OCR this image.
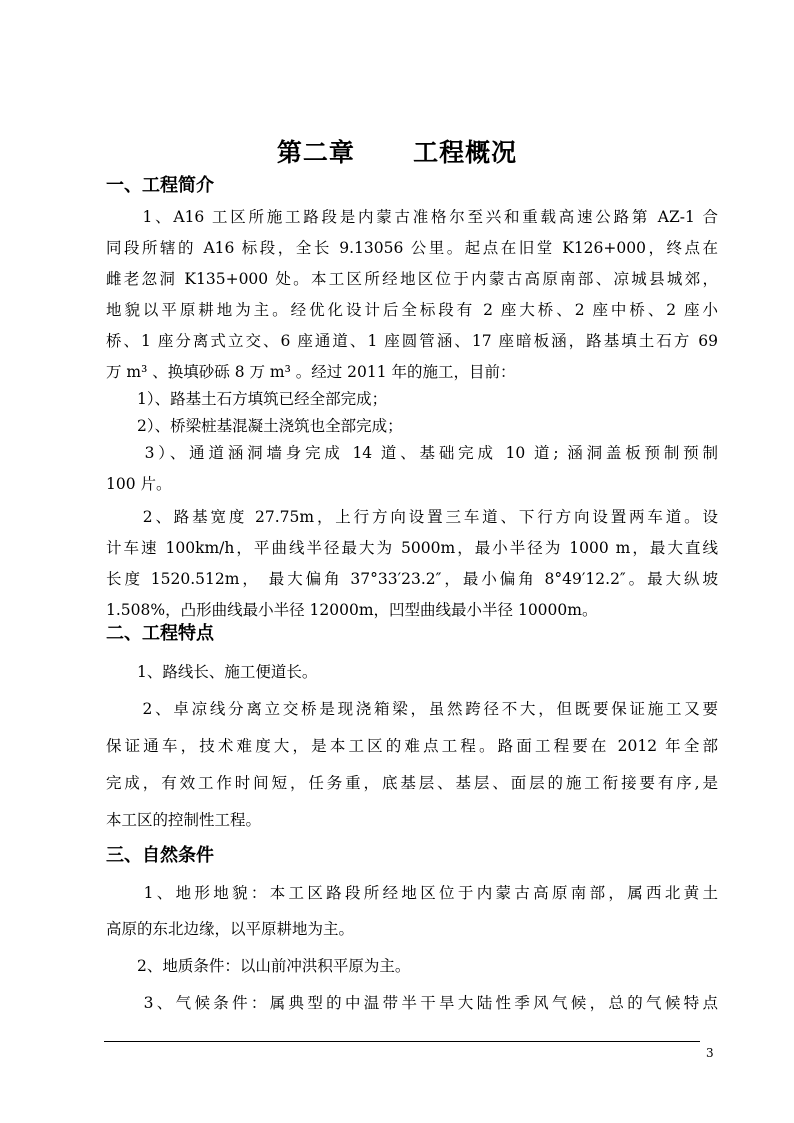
第二章      工程概况
一、工程简介
　　1、A16 工区所施工路段是内蒙古准格尔至兴和重载高速公路第 AZ-1 合
同段所辖的 A16 标段，全长 9.13056 公里。起点在旧堂 K126+000，终点在
雌老忽洞 K135+000 处。本工区所经地区位于内蒙古高原南部、凉城县城郊，
地貌以平原耕地为主。经优化设计后全标段有 2 座大桥、2 座中桥、2 座小
桥、1 座分离式立交、6 座通道、1 座圆管涵、17 座暗板涵，路基填土石方 69
万 m³ 、换填砂砾 8 万 m³ 。经过 2011 年的施工，目前：
　　1）、路基土石方填筑已经全部完成；
　　2）、桥梁桩基混凝土浇筑也全部完成；
　　3）、通道涵洞墙身完成 14 道、基础完成 10 道; 涵洞盖板预制预制
100 片。
　　2、路基宽度 27.75m，上行方向设置三车道、下行方向设置两车道。设
计车速 100km/h，平曲线半径最大为 5000m，最小半径为 1000 m，最大直线
长度 1520.512m， 最大偏角 37°33′23.2″，最小偏角 8°49′12.2″。最大纵坡
1.508%，凸形曲线最小半径 12000m，凹型曲线最小半径 10000m。
二、工程特点
　　1、路线长、施工便道长。
　　2、卓凉线分离立交桥是现浇箱梁，虽然跨径不大，但既要保证施工又要
保证通车，技术难度大，是本工区的难点工程。路面工程要在 2012 年全部
完成，有效工作时间短，任务重，底基层、基层、面层的施工衔接要有序,是
本工区的控制性工程。
三、自然条件
　　1、地形地貌：本工区路段所经地区位于内蒙古高原南部，属西北黄土
高原的东北边缘，以平原耕地为主。
　　2、地质条件：以山前冲洪积平原为主。
　　3、气候条件：属典型的中温带半干旱大陆性季风气候，总的气候特点
3
